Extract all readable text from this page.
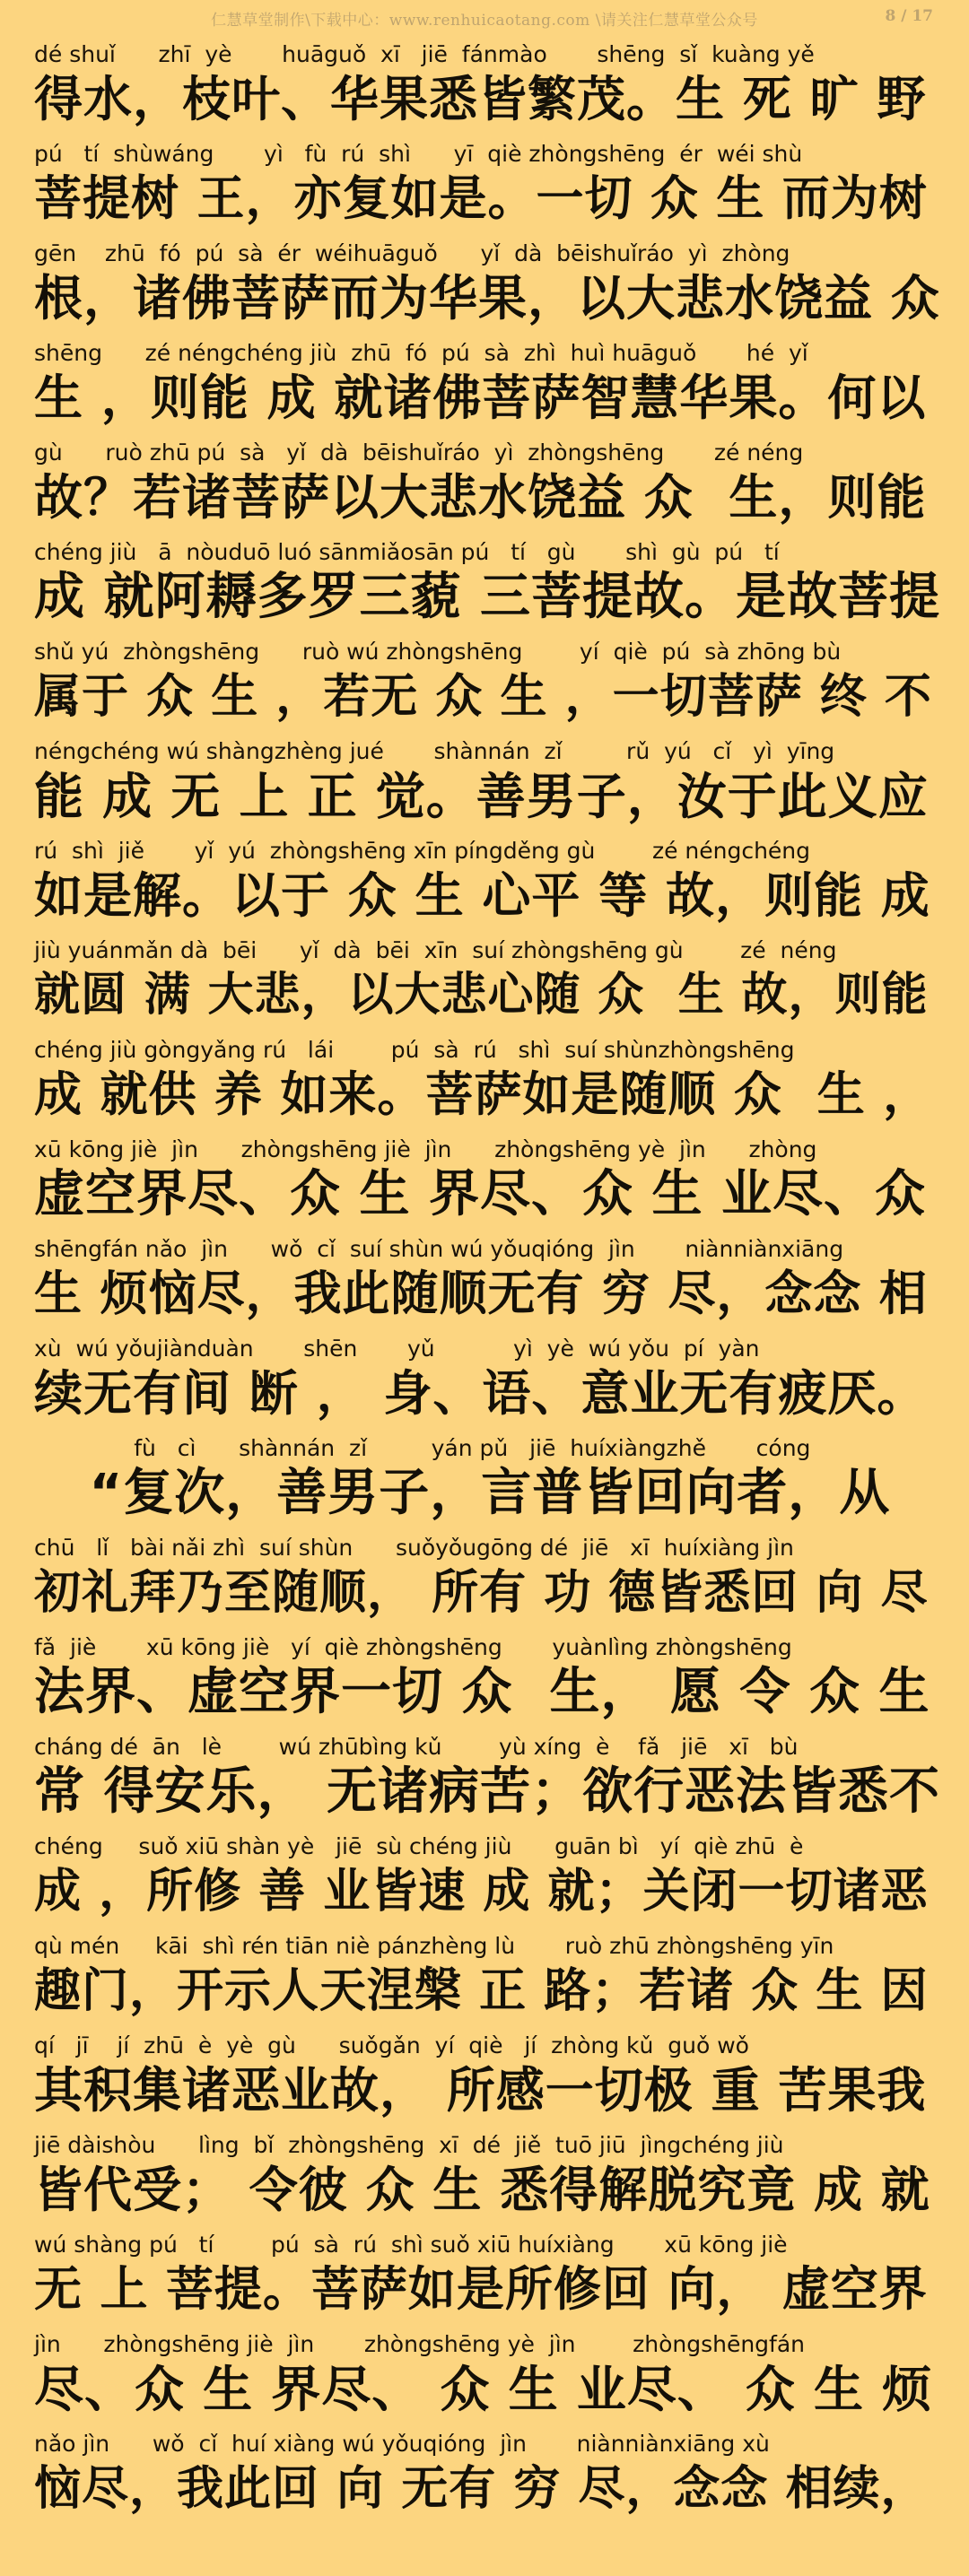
仁慧草堂制作\下载中心：www.renhuicaotang.com \请关注仁慧草堂公众号	8 / 17
dé shuǐ      zhī  yè       huāguǒ  xī   jiē  fánmào       shēng  sǐ  kuàng yě
得水，枝叶、华果悉皆繁茂。生 死 旷 野
pú   tí  shùwáng       yì   fù  rú  shì      yī  qiè zhòngshēng  ér  wéi shù
菩提树 王，亦复如是。一切 众 生 而为树
gēn    zhū  fó  pú  sà  ér  wéihuāguǒ      yǐ  dà  bēishuǐráo  yì  zhòng
根，诸佛菩萨而为华果，以大悲水饶益 众
shēng      zé néngchéng jiù  zhū  fó  pú  sà  zhì  huì huāguǒ       hé  yǐ
生 ，则能 成 就诸佛菩萨智慧华果。何以
gù      ruò zhū pú  sà   yǐ  dà  bēishuǐráo  yì  zhòngshēng       zé néng
故？若诸菩萨以大悲水饶益 众  生，则能
chéng jiù   ā  nòuduō luó sānmiǎosān pú   tí   gù       shì  gù  pú   tí
成 就阿耨多罗三藐 三菩提故。是故菩提
shǔ yú  zhòngshēng      ruò wú zhòngshēng        yí  qiè  pú  sà zhōng bù
属于 众 生 ，若无 众 生 ，一切菩萨 终 不
néngchéng wú shàngzhèng jué       shànnán  zǐ         rǔ  yú   cǐ   yì  yīng
能 成 无 上 正 觉。善男子，汝于此义应
rú  shì  jiě       yǐ  yú  zhòngshēng xīn píngděng gù        zé néngchéng
如是解。以于 众 生 心平 等 故，则能 成
jiù yuánmǎn dà  bēi      yǐ  dà  bēi  xīn  suí zhòngshēng gù        zé  néng
就圆 满 大悲，以大悲心随 众  生 故，则能
chéng jiù gòngyǎng rú   lái        pú  sà  rú   shì  suí shùnzhòngshēng
成 就供 养 如来。菩萨如是随顺 众  生 ，
xū kōng jiè  jìn      zhòngshēng jiè  jìn      zhòngshēng yè  jìn      zhòng
虚空界尽、众 生 界尽、众 生 业尽、众
shēngfán nǎo  jìn      wǒ  cǐ  suí shùn wú yǒuqióng  jìn       niànniànxiāng
生 烦恼尽，我此随顺无有 穷 尽，念念 相
xù  wú yǒujiànduàn       shēn       yǔ           yì  yè  wú yǒu  pí  yàn
续无有间 断 ， 身、语、意业无有疲厌。
fù   cì      shànnán  zǐ         yán pǔ   jiē  huíxiàngzhě       cóng
“复次，善男子，言普皆回向者，从
chū   lǐ   bài nǎi zhì  suí shùn      suǒyǒugōng dé  jiē   xī  huíxiàng jìn
初礼拜乃至随顺， 所有 功 德皆悉回 向 尽
fǎ  jiè       xū kōng jiè   yí  qiè zhòngshēng       yuànlìng zhòngshēng
法界、虚空界一切 众  生， 愿 令 众 生
cháng dé  ān   lè        wú zhūbìng kǔ        yù xíng  è    fǎ   jiē   xī   bù
常 得安乐， 无诸病苦；欲行恶法皆悉不
chéng     suǒ xiū shàn yè   jiē  sù chéng jiù      guān bì   yí  qiè zhū  è
成 ，所修 善 业皆速 成 就；关闭一切诸恶
qù mén     kāi  shì rén tiān niè pánzhèng lù       ruò zhū zhòngshēng yīn
趣门，开示人天涅槃 正 路；若诸 众 生 因
qí   jī    jí  zhū  è  yè  gù      suǒgǎn  yí  qiè   jí  zhòng kǔ  guǒ wǒ
其积集诸恶业故， 所感一切极 重 苦果我
jiē dàishòu      lìng  bǐ  zhòngshēng  xī  dé  jiě  tuō jiū  jìngchéng jiù
皆代受； 令彼 众 生 悉得解脱究竟 成 就
wú shàng pú   tí        pú  sà  rú  shì suǒ xiū huíxiàng       xū kōng jiè
无 上 菩提。菩萨如是所修回 向， 虚空界
jìn      zhòngshēng jiè  jìn       zhòngshēng yè  jìn        zhòngshēngfán
尽、众 生 界尽、 众 生 业尽、 众 生 烦
nǎo jìn      wǒ  cǐ  huí xiàng wú yǒuqióng  jìn       niànniànxiāng xù
恼尽，我此回 向 无有 穷 尽，念念 相续，
